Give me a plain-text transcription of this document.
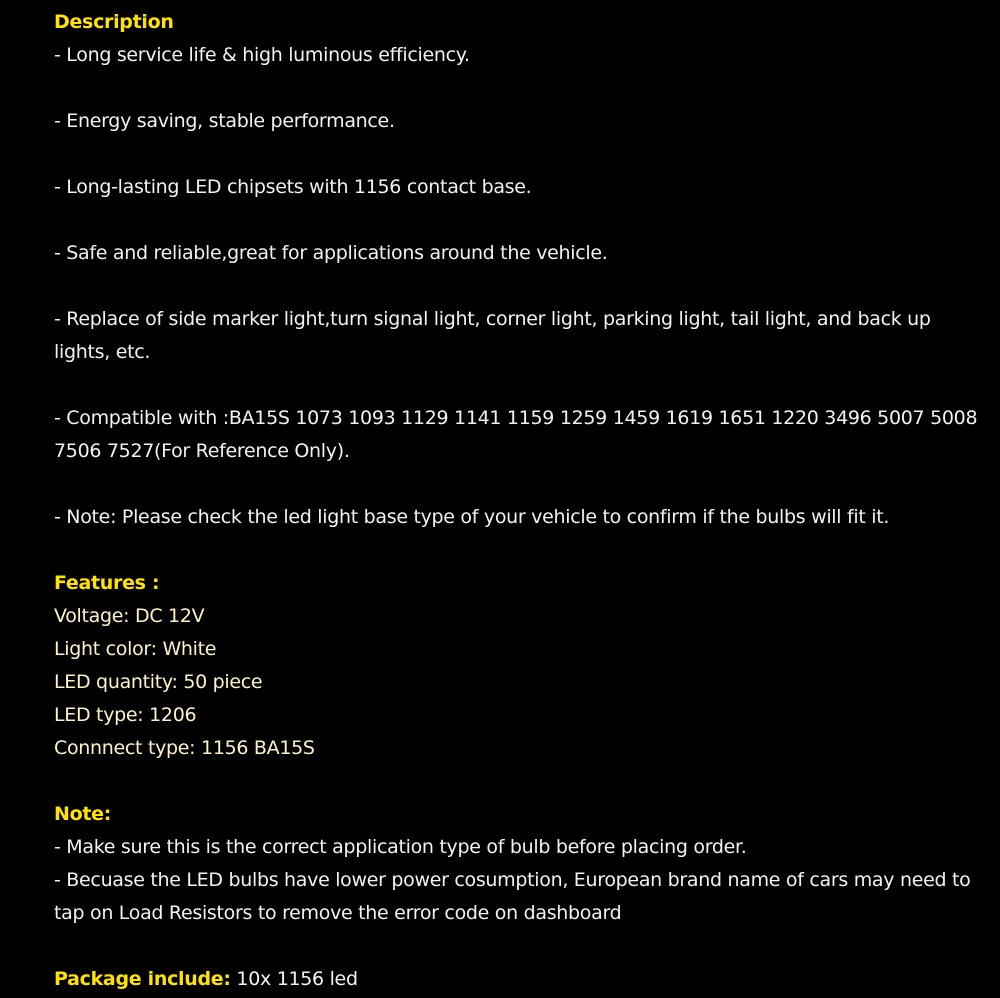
Description
- Long service life & high luminous efficiency.
- Energy saving, stable performance.
- Long-lasting LED chipsets with 1156 contact base.
- Safe and reliable,great for applications around the vehicle.
- Replace of side marker light,turn signal light, corner light, parking light, tail light, and back up
lights, etc.
- Compatible with :BA15S 1073 1093 1129 1141 1159 1259 1459 1619 1651 1220 3496 5007 5008
7506 7527(For Reference Only).
- Note: Please check the led light base type of your vehicle to confirm if the bulbs will fit it.
Features :
Voltage: DC 12V
Light color: White
LED quantity: 50 piece
LED type: 1206
Connnect type: 1156 BA15S
Note:
- Make sure this is the correct application type of bulb before placing order.
- Becuase the LED bulbs have lower power cosumption, European brand name of cars may need to
tap on Load Resistors to remove the error code on dashboard
Package include: 10x 1156 led
